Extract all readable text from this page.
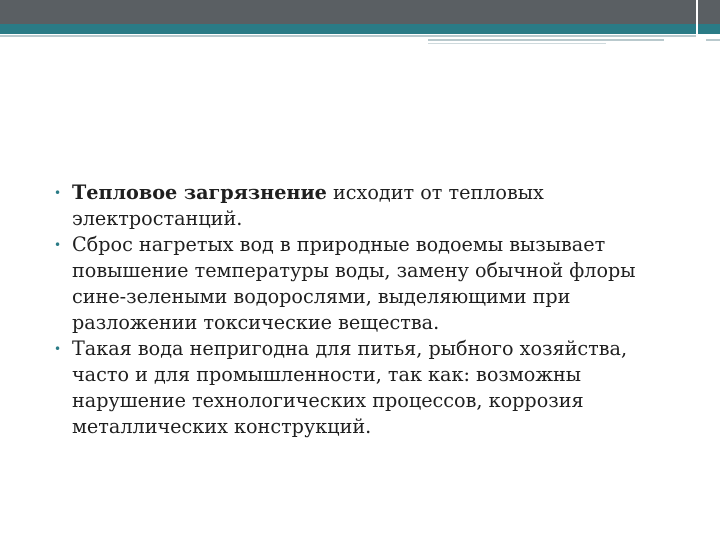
• Тепловое загрязнение исходит от тепловых электростанций.
• Сброс нагретых вод в природные водоемы вызывает повышение температуры воды, замену обычной флоры сине-зелеными водорослями, выделяющими при разложении токсические вещества.
• Такая вода непригодна для питья, рыбного хозяйства, часто и для промышленности, так как: возможны нарушение технологических процессов, коррозия металлических конструкций.
